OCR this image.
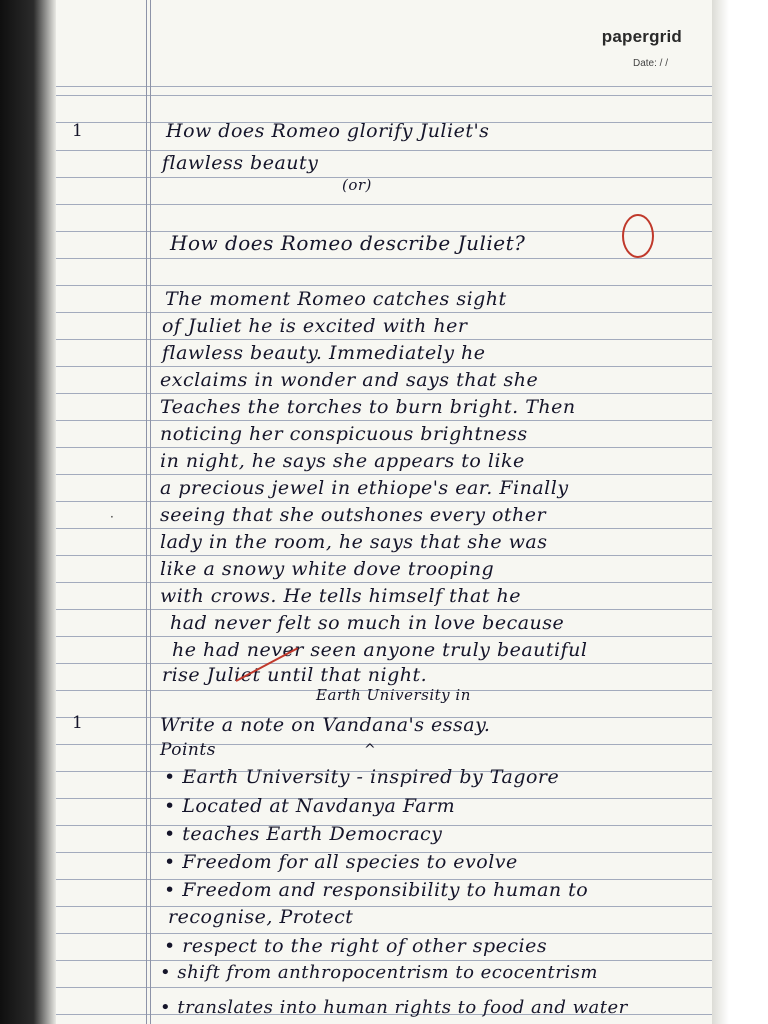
papergrid
Date: / /
1	How does Romeo glorify Juliet's
flawless beauty
(or)
How does Romeo describe Juliet?
The moment Romeo catches sight
of Juliet he is excited with her
flawless beauty. Immediately he
exclaims in wonder and says that she
Teaches the torches to burn bright. Then
noticing her conspicuous brightness
in night, he says she appears to like
a precious jewel in ethiope's ear. Finally
seeing that she outshones every other
lady in the room, he says that she was
like a snowy white dove trooping
with crows. He tells himself that he
had never felt so much in love because
he had never seen anyone truly beautiful
rise Juliet until that night.
·
Earth University in
1	Write a note on Vandana's essay.
Points	^
• Earth University - inspired by Tagore
• Located at Navdanya Farm
• teaches Earth Democracy
• Freedom for all species to evolve
• Freedom and responsibility to human to
recognise, Protect
• respect to the right of other species
• shift from anthropocentrism to ecocentrism
• translates into human rights to food and water
